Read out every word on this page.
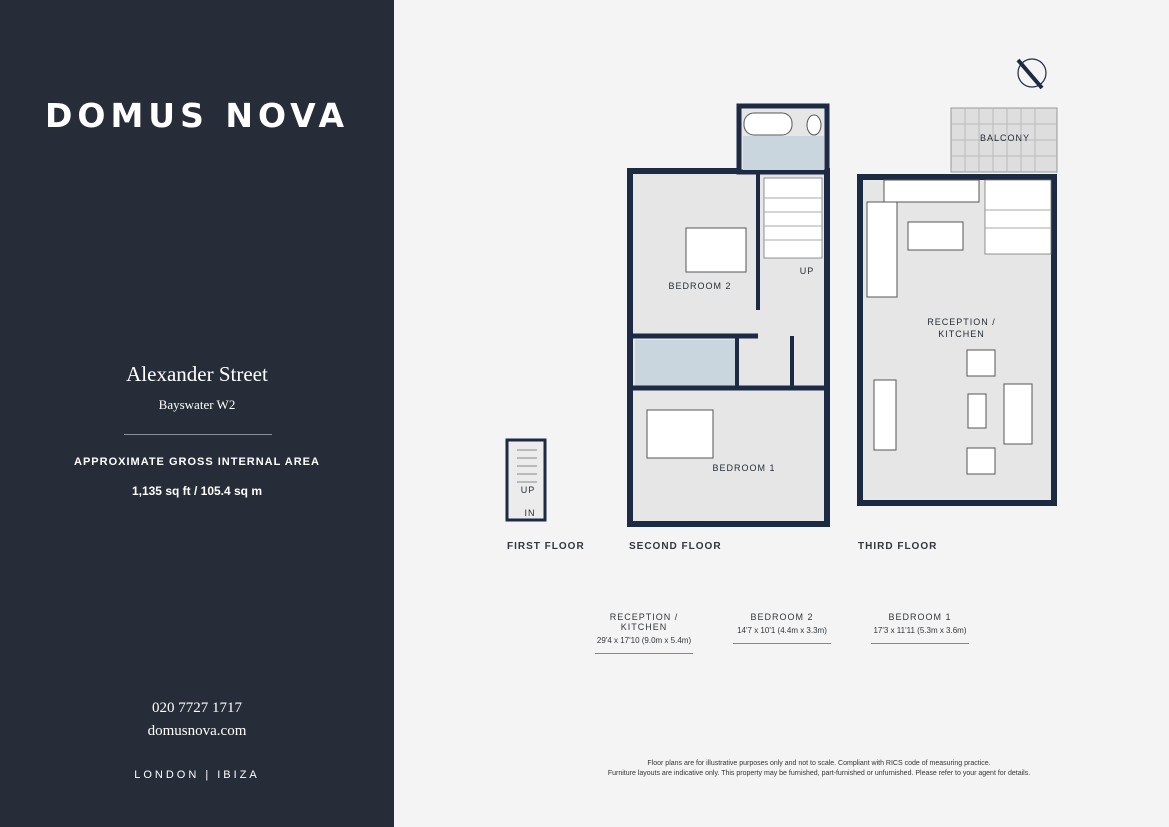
DOMUS NOVA
Alexander Street
Bayswater W2
APPROXIMATE GROSS INTERNAL AREA
1,135 sq ft / 105.4 sq m
020 7727 1717
domusnova.com
LONDON | IBIZA
UP
IN
BEDROOM 2
UP
BEDROOM 1
BALCONY
RECEPTION /
KITCHEN
FIRST FLOOR	SECOND FLOOR	THIRD FLOOR
RECEPTION / KITCHEN
29'4 x 17'10 (9.0m x 5.4m)
BEDROOM 2
14'7 x 10'1 (4.4m x 3.3m)
BEDROOM 1
17'3 x 11'11 (5.3m x 3.6m)
Floor plans are for illustrative purposes only and not to scale. Compliant with RICS code of measuring practice.
Furniture layouts are indicative only. This property may be furnished, part-furnished or unfurnished. Please refer to your agent for details.
